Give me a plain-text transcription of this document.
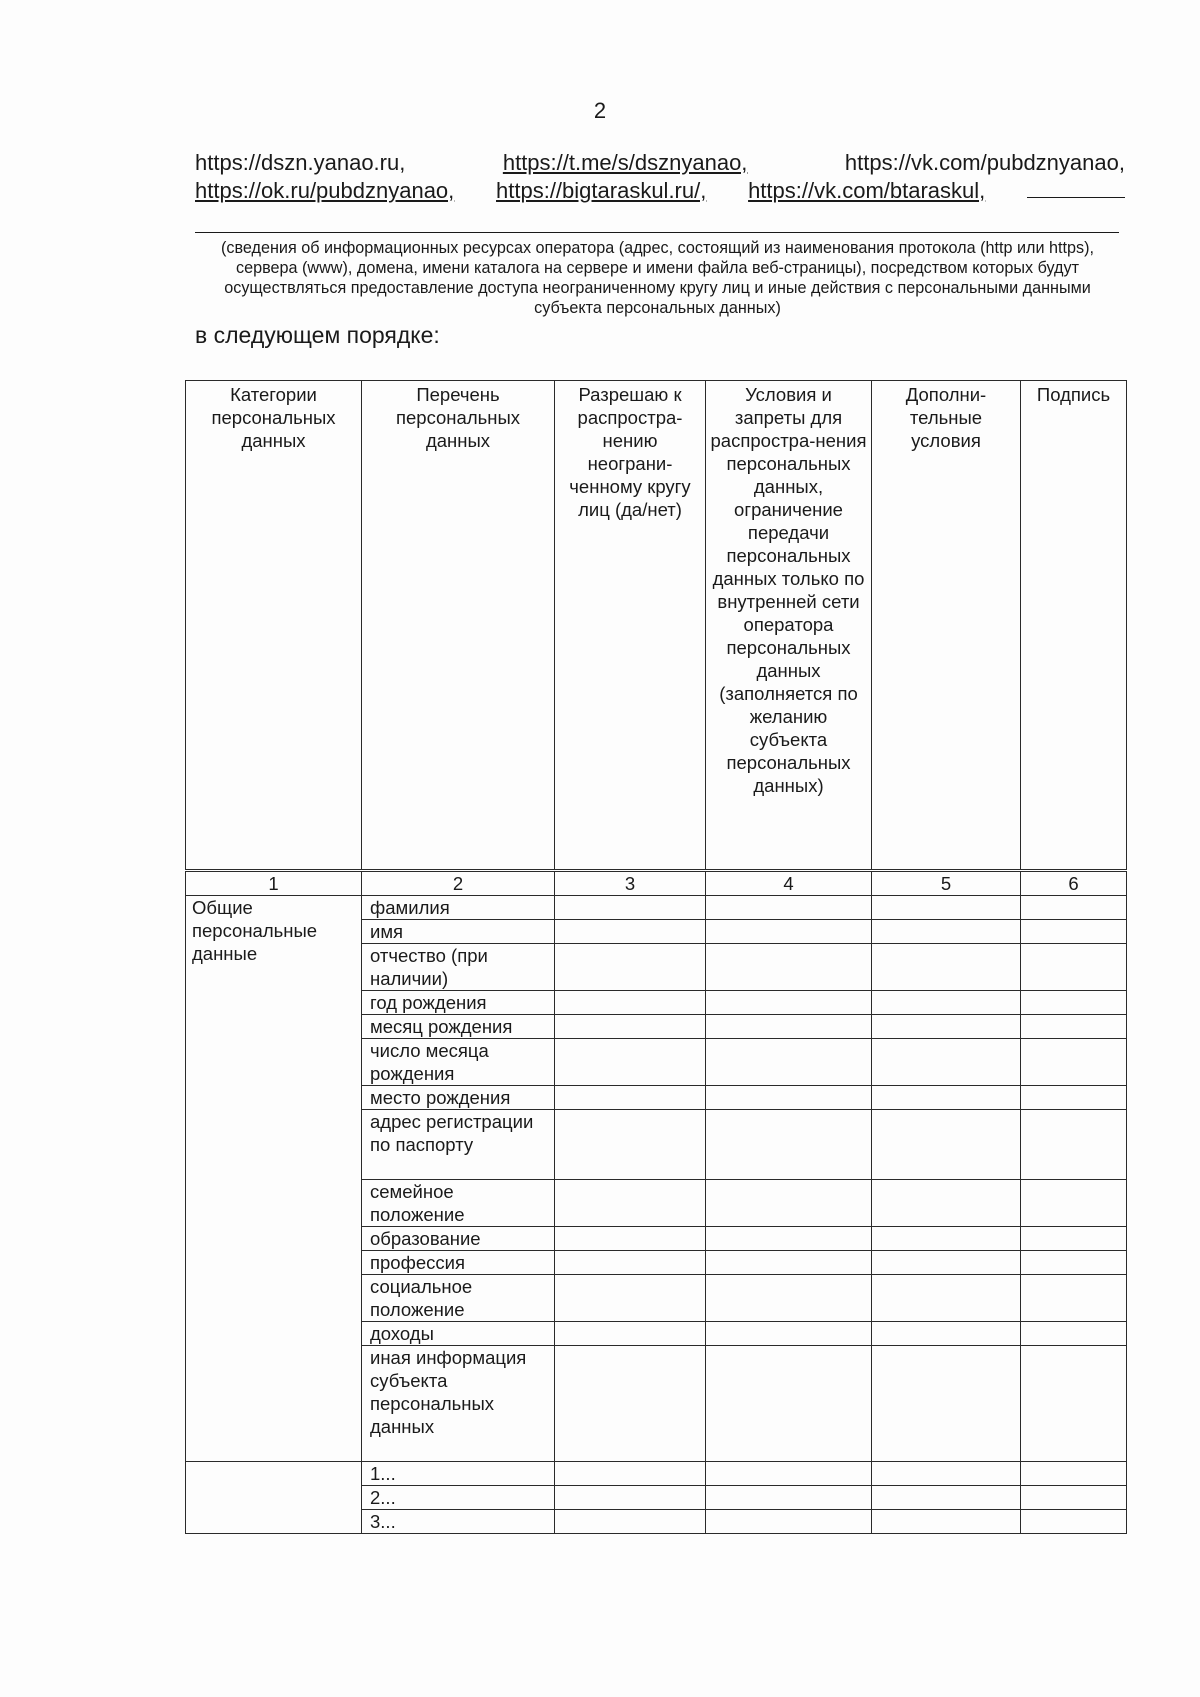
2
https://dszn.yanao.ru,	https://t.me/s/dsznyanao,	https://vk.com/pubdznyanao,
https://ok.ru/pubdznyanao, https://bigtaraskul.ru/, https://vk.com/btaraskul,
(сведения об информационных ресурсах оператора (адрес, состоящий из наименования протокола (http или https), сервера (www), домена, имени каталога на сервере и имени файла веб-страницы), посредством которых будут осуществляться предоставление доступа неограниченному кругу лиц и иные действия с персональными данными субъекта персональных данных)
в следующем порядке:
Категории персональных данных	Перечень персональных данных	Разрешаю к распростра-нению неограни-ченному кругу лиц (да/нет)	Условия и запреты для распростра-нения персональных данных, ограничение передачи персональных данных только по внутренней сети оператора персональных данных (заполняется по желанию субъекта персональных данных)	Дополни-тельные условия	Подпись
1	2	3	4	5	6
Общие персональные данные	фамилия				
	имя				
	отчество (при наличии)				
	год рождения				
	месяц рождения				
	число месяца рождения				
	место рождения				
	адрес регистрации по паспорту				
	семейное положение				
	образование				
	профессия				
	социальное положение				
	доходы				
	иная информация субъекта персональных данных				
	1...				
	2...				
	3...				
